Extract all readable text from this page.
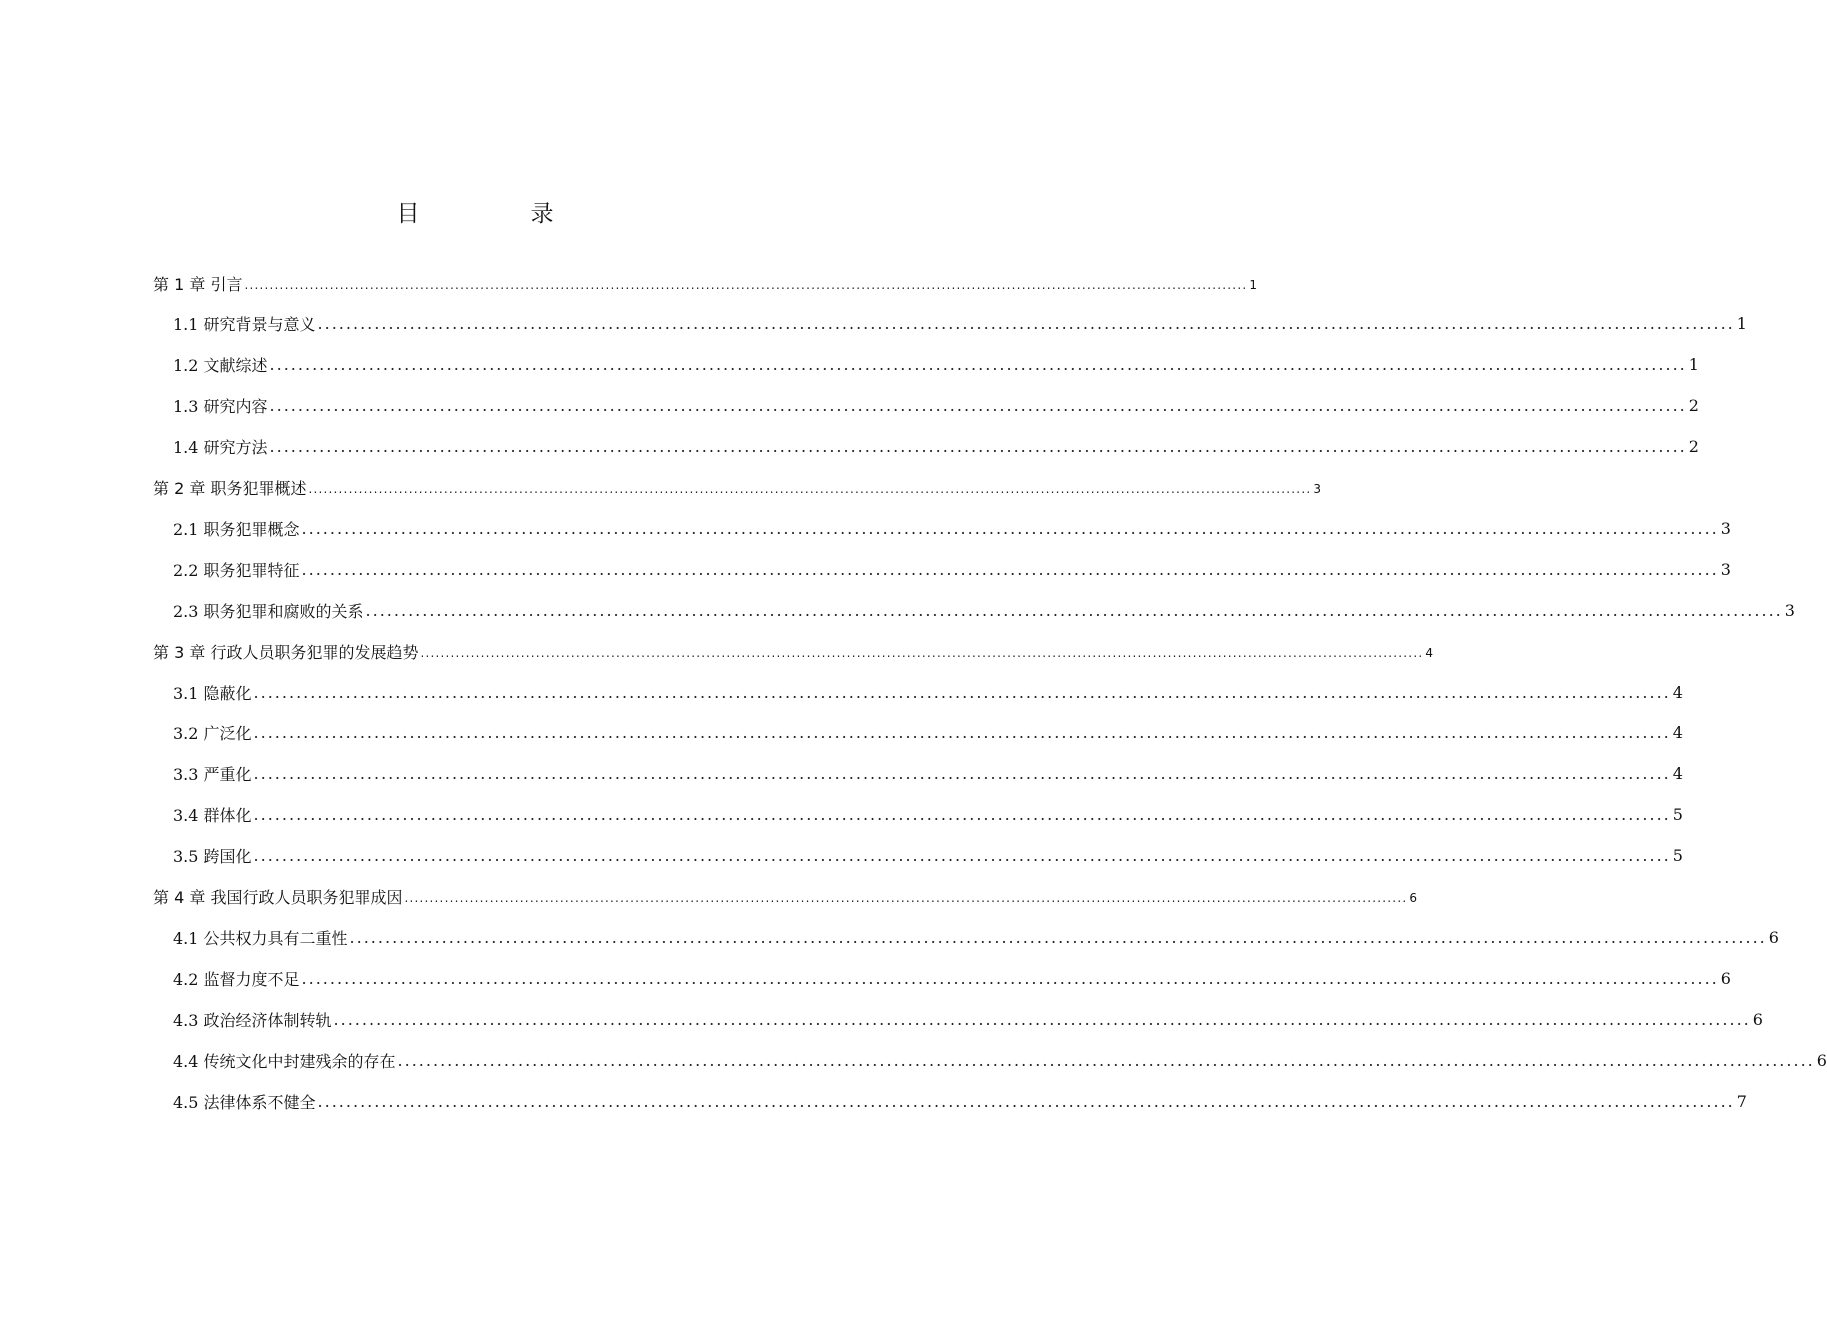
目　录
第 1 章 引言 ........................................................................................................................................................................................................ 1
1.1 研究背景与意义 ........................................................................................................................................................................................................ 1
1.2 文献综述 ........................................................................................................................................................................................................ 1
1.3 研究内容 ........................................................................................................................................................................................................ 2
1.4 研究方法 ........................................................................................................................................................................................................ 2
第 2 章 职务犯罪概述 ........................................................................................................................................................................................................ 3
2.1 职务犯罪概念 ........................................................................................................................................................................................................ 3
2.2 职务犯罪特征 ........................................................................................................................................................................................................ 3
2.3 职务犯罪和腐败的关系 ........................................................................................................................................................................................................ 3
第 3 章 行政人员职务犯罪的发展趋势 ........................................................................................................................................................................................................ 4
3.1 隐蔽化 ........................................................................................................................................................................................................ 4
3.2 广泛化 ........................................................................................................................................................................................................ 4
3.3 严重化 ........................................................................................................................................................................................................ 4
3.4 群体化 ........................................................................................................................................................................................................ 5
3.5 跨国化 ........................................................................................................................................................................................................ 5
第 4 章 我国行政人员职务犯罪成因 ........................................................................................................................................................................................................ 6
4.1 公共权力具有二重性 ........................................................................................................................................................................................................ 6
4.2 监督力度不足 ........................................................................................................................................................................................................ 6
4.3 政治经济体制转轨 ........................................................................................................................................................................................................ 6
4.4 传统文化中封建残余的存在 ........................................................................................................................................................................................................ 6
4.5 法律体系不健全 ........................................................................................................................................................................................................ 7
